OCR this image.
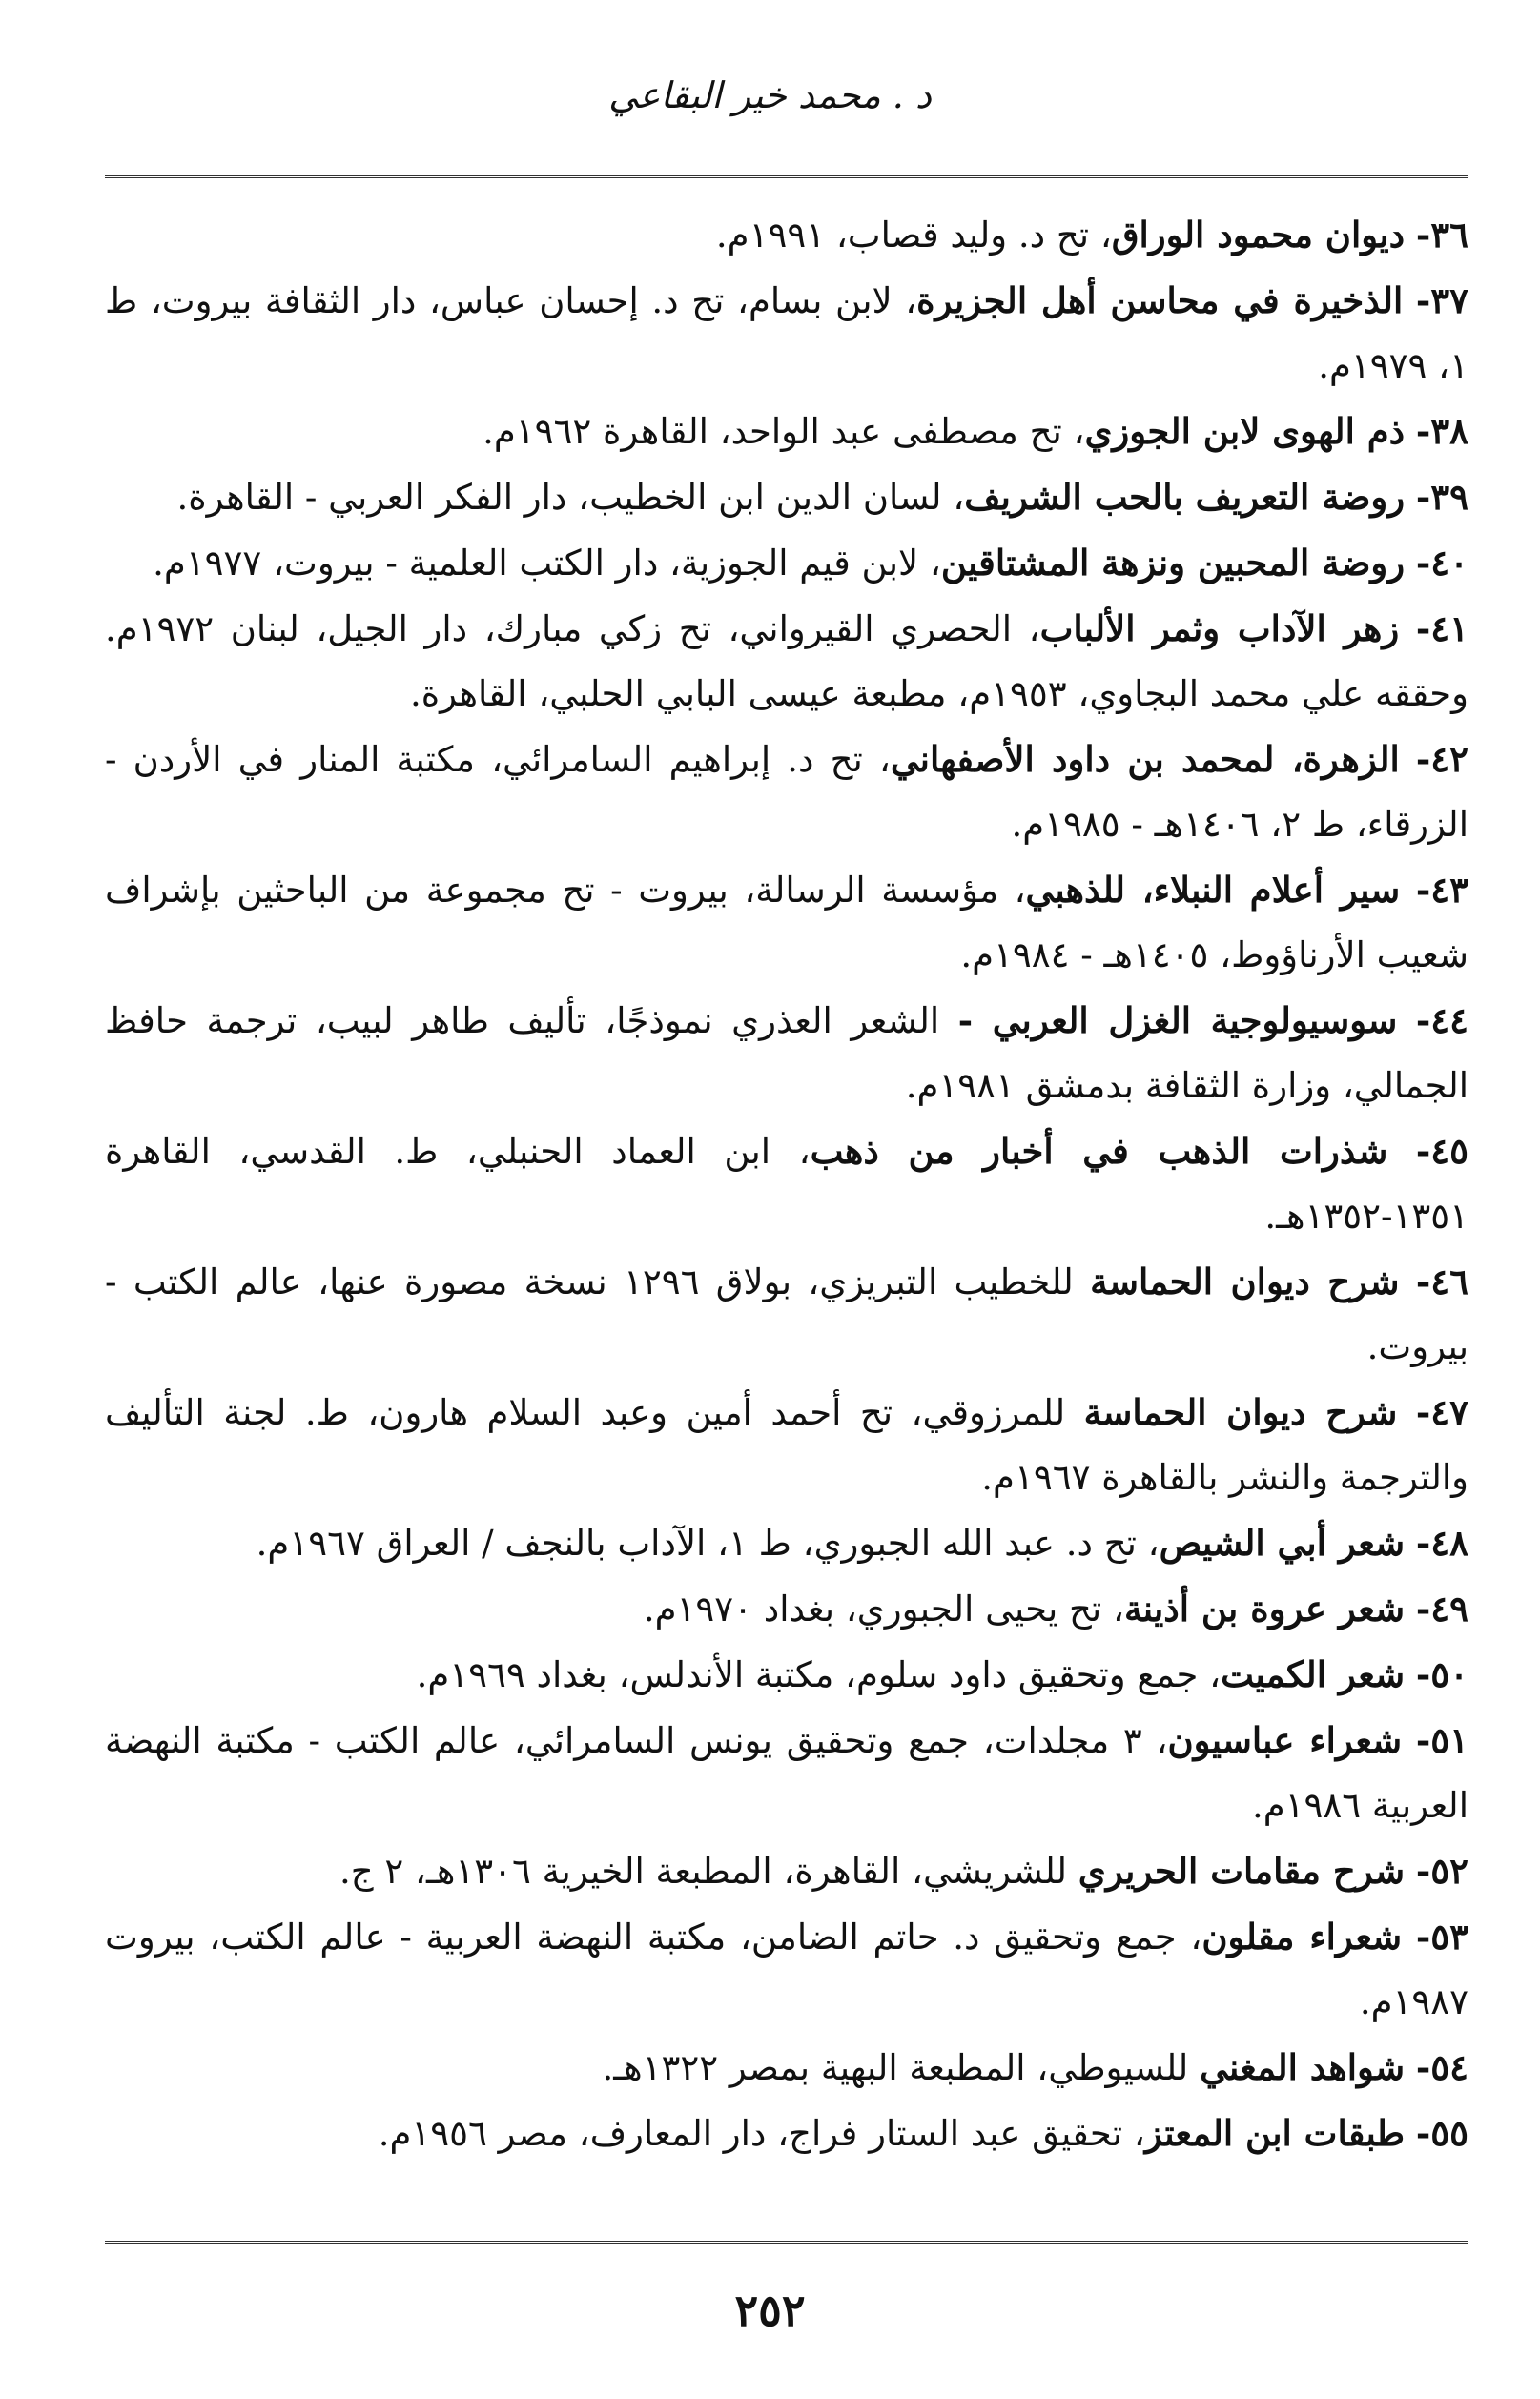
د . محمد خير البقاعي

٣٦- ديوان محمود الوراق، تح د. وليد قصاب، ١٩٩١م.

٣٧- الذخيرة في محاسن أهل الجزيرة، لابن بسام، تح د. إحسان عباس، دار الثقافة بيروت، ط ١، ١٩٧٩م.

٣٨- ذم الهوى لابن الجوزي، تح مصطفى عبد الواحد، القاهرة ١٩٦٢م.

٣٩- روضة التعريف بالحب الشريف، لسان الدين ابن الخطيب، دار الفكر العربي - القاهرة.

٤٠- روضة المحبين ونزهة المشتاقين، لابن قيم الجوزية، دار الكتب العلمية - بيروت، ١٩٧٧م.

٤١- زهر الآداب وثمر الألباب، الحصري القيرواني، تح زكي مبارك، دار الجيل، لبنان ١٩٧٢م. وحققه علي محمد البجاوي، ١٩٥٣م، مطبعة عيسى البابي الحلبي، القاهرة.

٤٢- الزهرة، لمحمد بن داود الأصفهاني، تح د. إبراهيم السامرائي، مكتبة المنار في الأردن - الزرقاء، ط ٢، ١٤٠٦هـ - ١٩٨٥م.

٤٣- سير أعلام النبلاء، للذهبي، مؤسسة الرسالة، بيروت - تح مجموعة من الباحثين بإشراف شعيب الأرناؤوط، ١٤٠٥هـ - ١٩٨٤م.

٤٤- سوسيولوجية الغزل العربي - الشعر العذري نموذجًا، تأليف طاهر لبيب، ترجمة حافظ الجمالي، وزارة الثقافة بدمشق ١٩٨١م.

٤٥- شذرات الذهب في أخبار من ذهب، ابن العماد الحنبلي، ط. القدسي، القاهرة ١٣٥١-١٣٥٢هـ.

٤٦- شرح ديوان الحماسة للخطيب التبريزي، بولاق ١٢٩٦ نسخة مصورة عنها، عالم الكتب - بيروت.

٤٧- شرح ديوان الحماسة للمرزوقي، تح أحمد أمين وعبد السلام هارون، ط. لجنة التأليف والترجمة والنشر بالقاهرة ١٩٦٧م.

٤٨- شعر أبي الشيص، تح د. عبد الله الجبوري، ط ١، الآداب بالنجف / العراق ١٩٦٧م.

٤٩- شعر عروة بن أذينة، تح يحيى الجبوري، بغداد ١٩٧٠م.

٥٠- شعر الكميت، جمع وتحقيق داود سلوم، مكتبة الأندلس، بغداد ١٩٦٩م.

٥١- شعراء عباسيون، ٣ مجلدات، جمع وتحقيق يونس السامرائي، عالم الكتب - مكتبة النهضة العربية ١٩٨٦م.

٥٢- شرح مقامات الحريري للشريشي، القاهرة، المطبعة الخيرية ١٣٠٦هـ، ٢ ج.

٥٣- شعراء مقلون، جمع وتحقيق د. حاتم الضامن، مكتبة النهضة العربية - عالم الكتب، بيروت ١٩٨٧م.

٥٤- شواهد المغني للسيوطي، المطبعة البهية بمصر ١٣٢٢هـ.

٥٥- طبقات ابن المعتز، تحقيق عبد الستار فراج، دار المعارف، مصر ١٩٥٦م.

٢٥٢
